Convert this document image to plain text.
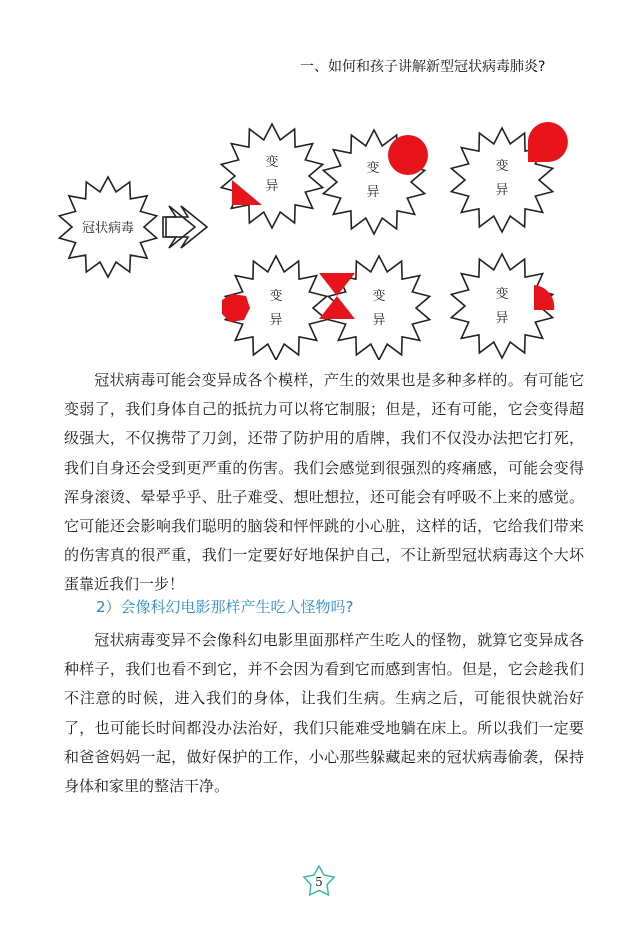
一、如何和孩子讲解新型冠状病毒肺炎?
冠状病毒
变
异
变
异
变
异
变
异
变
异
变
异

冠状病毒可能会变异成各个模样，产生的效果也是多种多样的。有可能它变弱了，我们身体自己的抵抗力可以将它制服；但是，还有可能，它会变得超级强大，不仅携带了刀剑，还带了防护用的盾牌，我们不仅没办法把它打死，我们自身还会受到更严重的伤害。我们会感觉到很强烈的疼痛感，可能会变得浑身滚烫、晕晕乎乎、肚子难受、想吐想拉，还可能会有呼吸不上来的感觉。它可能还会影响我们聪明的脑袋和怦怦跳的小心脏，这样的话，它给我们带来的伤害真的很严重，我们一定要好好地保护自己，不让新型冠状病毒这个大坏蛋靠近我们一步！

2）会像科幻电影那样产生吃人怪物吗?

冠状病毒变异不会像科幻电影里面那样产生吃人的怪物，就算它变异成各种样子，我们也看不到它，并不会因为看到它而感到害怕。但是，它会趁我们不注意的时候，进入我们的身体，让我们生病。生病之后，可能很快就治好了，也可能长时间都没办法治好，我们只能难受地躺在床上。所以我们一定要和爸爸妈妈一起，做好保护的工作，小心那些躲藏起来的冠状病毒偷袭，保持身体和家里的整洁干净。

5
